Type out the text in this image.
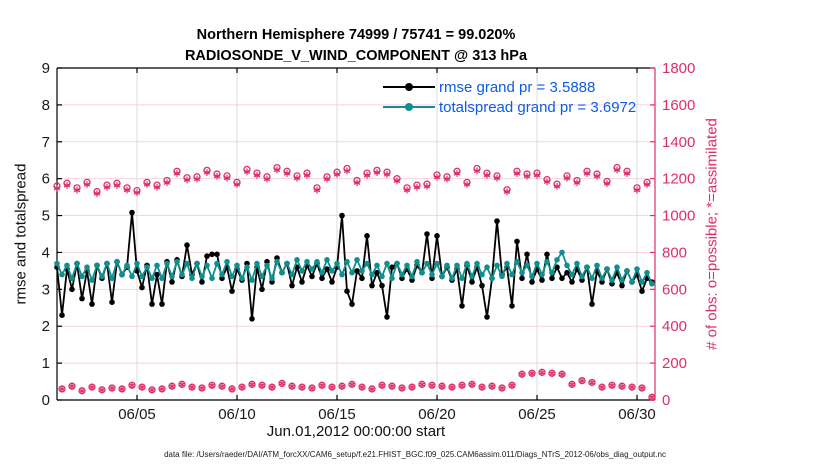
06/05	06/10	06/15	06/20	06/25	06/30
0
1
2
3
4
5
6
7
8
9
0
200
400
600
800
1000
1200
1400
1600
1800
Northern Hemisphere 74999 / 75741 = 99.020%
RADIOSONDE_V_WIND_COMPONENT @ 313 hPa
rmse and totalspread	# of obs: o=possible; *=assimilated
Jun.01,2012 00:00:00 start
rmse grand pr = 3.5888
totalspread grand pr = 3.6972
data file: /Users/raeder/DAI/ATM_forcXX/CAM6_setup/f.e21.FHIST_BGC.f09_025.CAM6assim.011/Diags_NTrS_2012-06/obs_diag_output.nc
